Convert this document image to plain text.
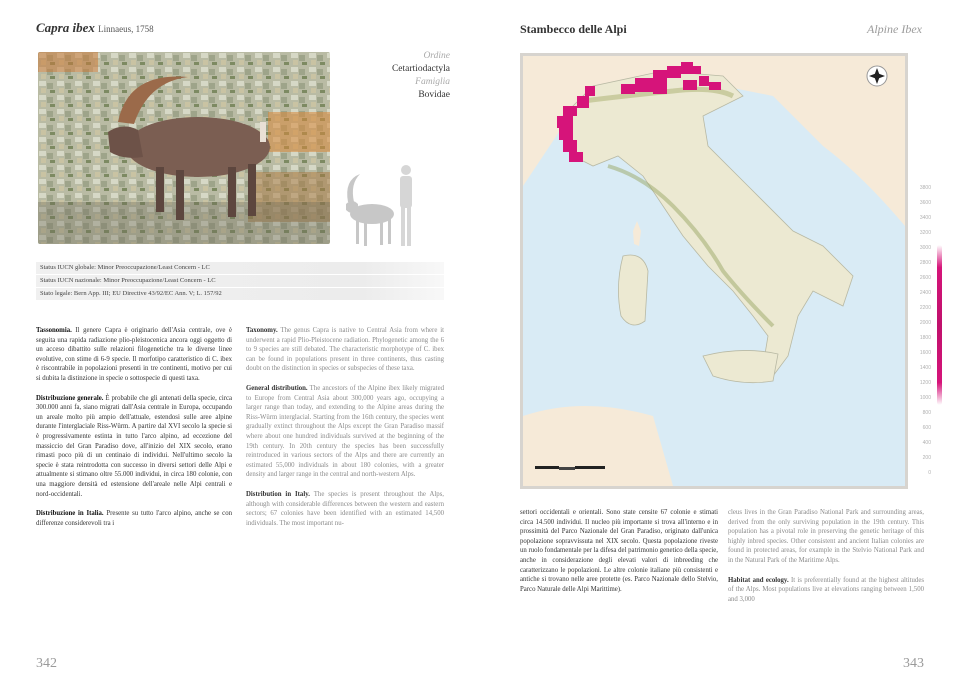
Capra ibex Linnaeus, 1758
Ordine
Cetartiodactyla
Famiglia
Bovidae
Status IUCN globale: Minor Preoccupazione/Least Concern - LC
Status IUCN nazionale: Minor Preoccupazione/Least Concern - LC
Stato legale: Bern App. III; EU Directive 43/92/EC Ann. V; L. 157/92

Tassonomia. Il genere Capra è originario dell'Asia centrale, ove è seguita una rapida radiazione plio-pleistocenica ancora oggi oggetto di un acceso dibattito sulle relazioni filogenetiche tra le diverse linee evolutive, con stime di 6-9 specie. Il morfotipo caratteristico di C. ibex è riscontrabile in popolazioni presenti in tre continenti, motivo per cui si dubita la distinzione in specie o sottospecie di questi taxa.

Distribuzione generale. È probabile che gli antenati della specie, circa 300.000 anni fa, siano migrati dall'Asia centrale in Europa, occupando un areale molto più ampio dell'attuale, estendosi sulle aree alpine durante l'interglaciale Riss-Würm. A partire dal XVI secolo la specie si è progressivamente estinta in tutto l'arco alpino, ad eccezione del massiccio del Gran Paradiso dove, all'inizio del XIX secolo, erano rimasti poco più di un centinaio di individui. Nell'ultimo secolo la specie è stata reintrodotta con successo in diversi settori delle Alpi e attualmente si stimano oltre 55.000 individui, in circa 180 colonie, con una maggiore densità ed estensione dell'areale nelle Alpi centrali e nord-occidentali.

Distribuzione in Italia. Presente su tutto l'arco alpino, anche se con differenze considerevoli tra i

Taxonomy. The genus Capra is native to Central Asia from where it underwent a rapid Plio-Pleistocene radiation. Phylogenetic among the 6 to 9 species are still debated. The characteristic morphotype of C. ibex can be found in populations present in three continents, thus casting doubt on the distinction in species or subspecies of these taxa.

General distribution. The ancestors of the Alpine ibex likely migrated to Europe from Central Asia about 300,000 years ago, occupying a larger range than today, and extending to the Alpine areas during the Riss-Würm interglacial. Starting from the 16th century, the species went gradually extinct throughout the Alps except the Gran Paradiso massif where about one hundred individuals survived at the beginning of the 19th century. In 20th century the species has been successfully reintroduced in various sectors of the Alps and there are currently an estimated 55,000 individuals in about 180 colonies, with a greater density and larger range in the central and north-western Alps.

Distribution in Italy. The species is present throughout the Alps, although with considerable differences between the western and eastern sectors; 67 colonies have been identified with an estimated 14,500 individuals. The most important nu-

342
Stambecco delle Alpi	Alpine Ibex
3800
3600
3400
3200
3000
2800
2600
2400
2200
2000
1800
1600
1400
1200
1000
800
600
400
200
0

settori occidentali e orientali. Sono state censite 67 colonie e stimati circa 14.500 individui. Il nucleo più importante si trova all'interno e in prossimità del Parco Nazionale del Gran Paradiso, originato dall'unica popolazione sopravvissuta nel XIX secolo. Questa popolazione riveste un ruolo fondamentale per la difesa del patrimonio genetico della specie, anche in considerazione degli elevati valori di inbreeding che caratterizzano le popolazioni. Le altre colonie italiane più consistenti e antiche si trovano nelle aree protette (es. Parco Nazionale dello Stelvio, Parco Naturale delle Alpi Marittime).

cleus lives in the Gran Paradiso National Park and surrounding areas, derived from the only surviving population in the 19th century. This population has a pivotal role in preserving the genetic heritage of this highly inbred species. Other consistent and ancient Italian colonies are found in protected areas, for example in the Stelvio National Park and in the Natural Park of the Maritime Alps.

Habitat and ecology. It is preferentially found at the highest altitudes of the Alps. Most populations live at elevations ranging between 1,500 and 3,000

343
